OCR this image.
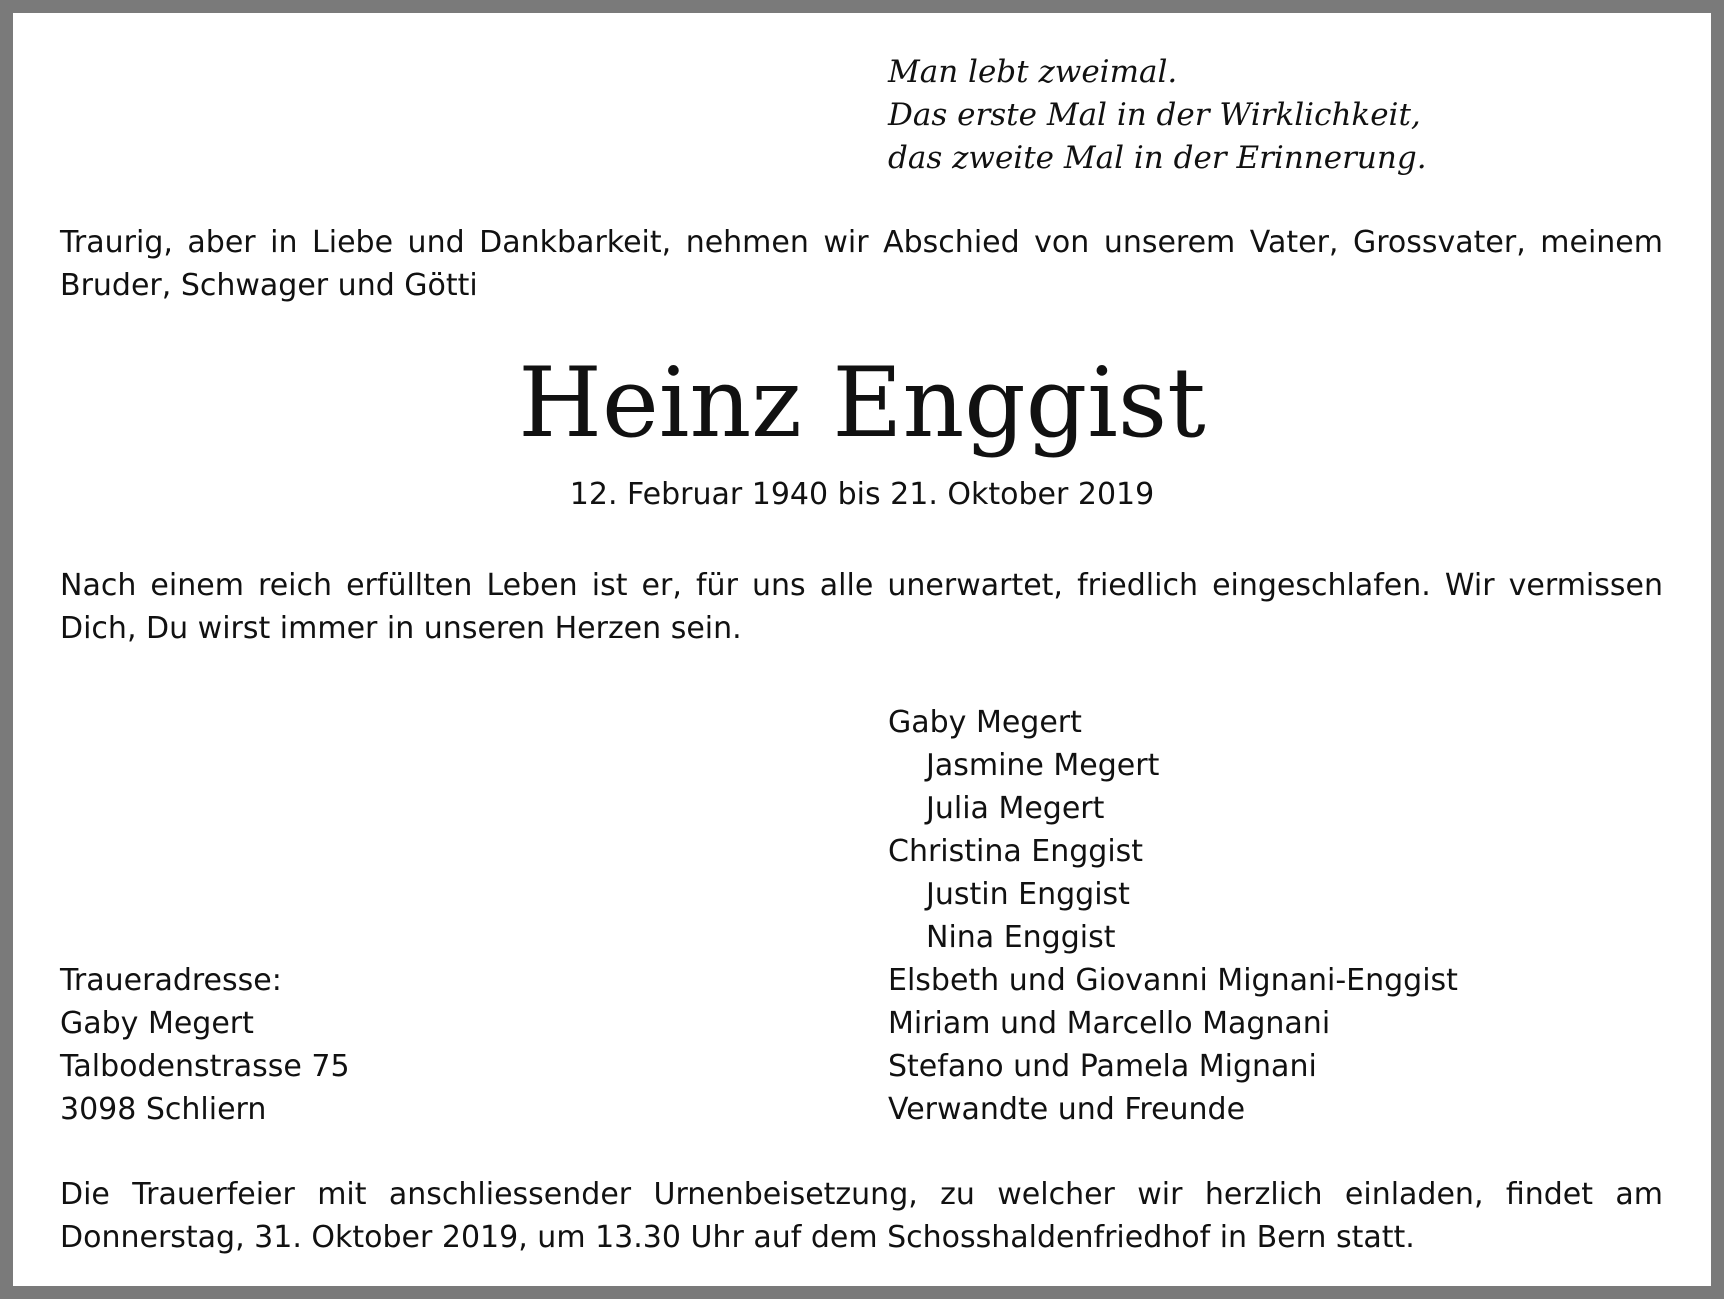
Man lebt zweimal.
Das erste Mal in der Wirklichkeit,
das zweite Mal in der Erinnerung.
Traurig, aber in Liebe und Dankbarkeit, nehmen wir Abschied von unserem Vater, Grossvater, meinem Bruder, Schwager und Götti
Heinz Enggist
12. Februar 1940 bis 21. Oktober 2019
Nach einem reich erfüllten Leben ist er, für uns alle unerwartet, friedlich eingeschlafen. Wir vermissen Dich, Du wirst immer in unseren Herzen sein.
Gaby Megert
Jasmine Megert
Julia Megert
Christina Enggist
Justin Enggist
Nina Enggist
Elsbeth und Giovanni Mignani-Enggist
Miriam und Marcello Magnani
Stefano und Pamela Mignani
Verwandte und Freunde
Traueradresse:
Gaby Megert
Talbodenstrasse 75
3098 Schliern
Die Trauerfeier mit anschliessender Urnenbeisetzung, zu welcher wir herzlich einladen, findet am Donnerstag, 31. Oktober 2019, um 13.30 Uhr auf dem Schosshaldenfriedhof in Bern statt.
